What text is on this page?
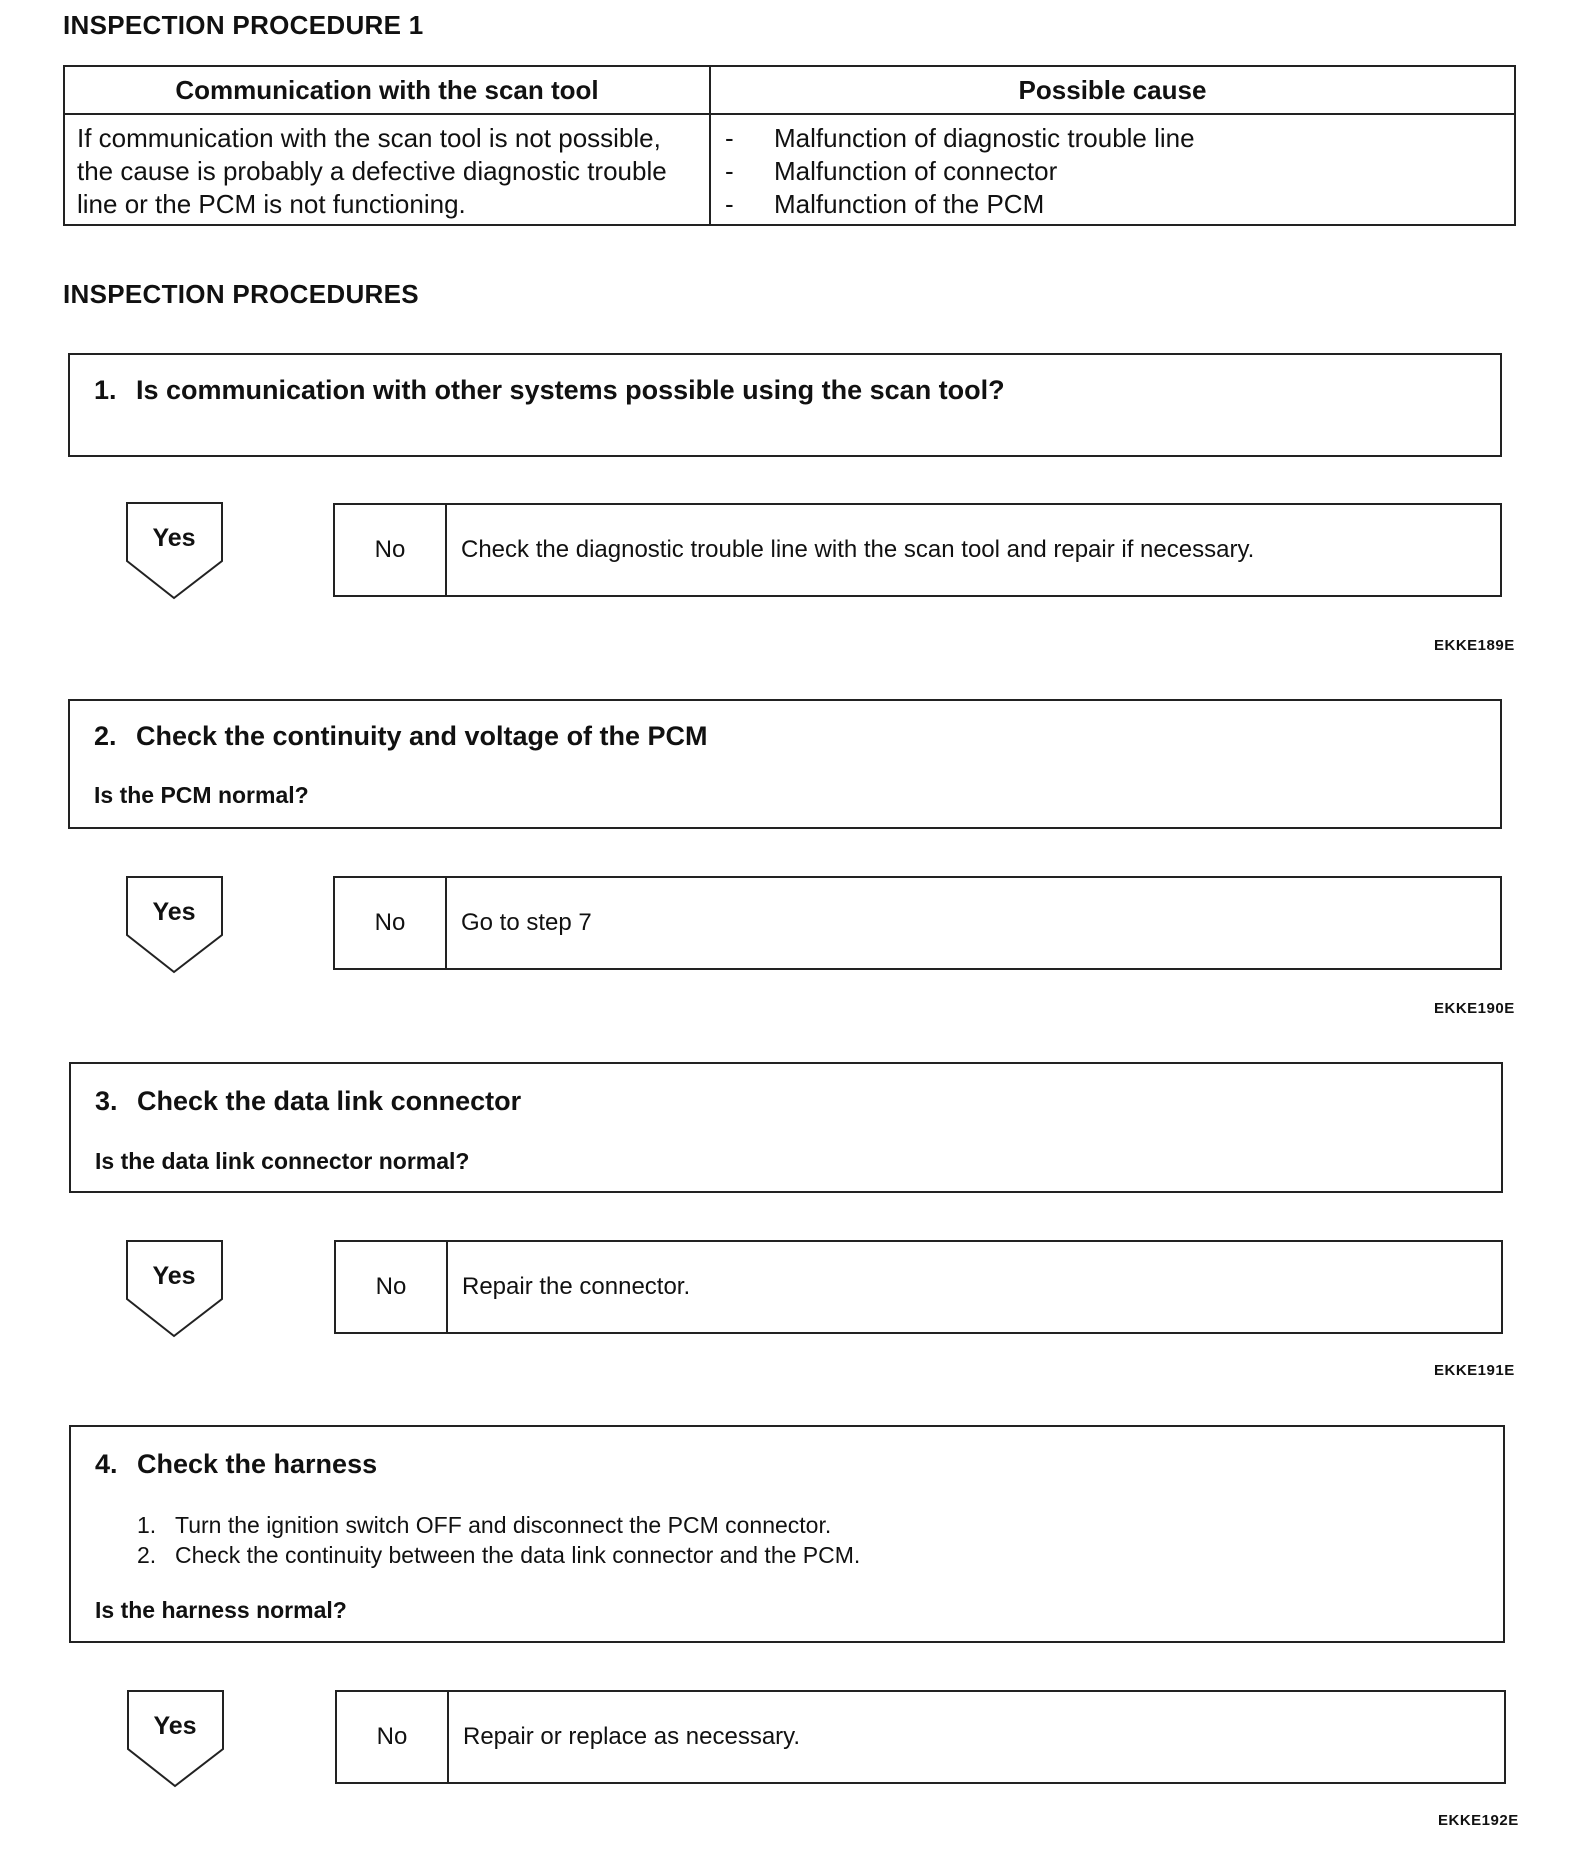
INSPECTION PROCEDURE 1
Communication with the scan tool	Possible cause
If communication with the scan tool is not possible,
the cause is probably a defective diagnostic trouble
line or the PCM is not functioning.
- Malfunction of diagnostic trouble line
- Malfunction of connector
- Malfunction of the PCM
INSPECTION PROCEDURES
1. Is communication with other systems possible using the scan tool?
Yes	No	Check the diagnostic trouble line with the scan tool and repair if necessary.
EKKE189E
2. Check the continuity and voltage of the PCM
Is the PCM normal?
Yes	No	Go to step 7
EKKE190E
3. Check the data link connector
Is the data link connector normal?
Yes	No	Repair the connector.
EKKE191E
4. Check the harness
1. Turn the ignition switch OFF and disconnect the PCM connector.
2. Check the continuity between the data link connector and the PCM.
Is the harness normal?
Yes	No	Repair or replace as necessary.
EKKE192E
